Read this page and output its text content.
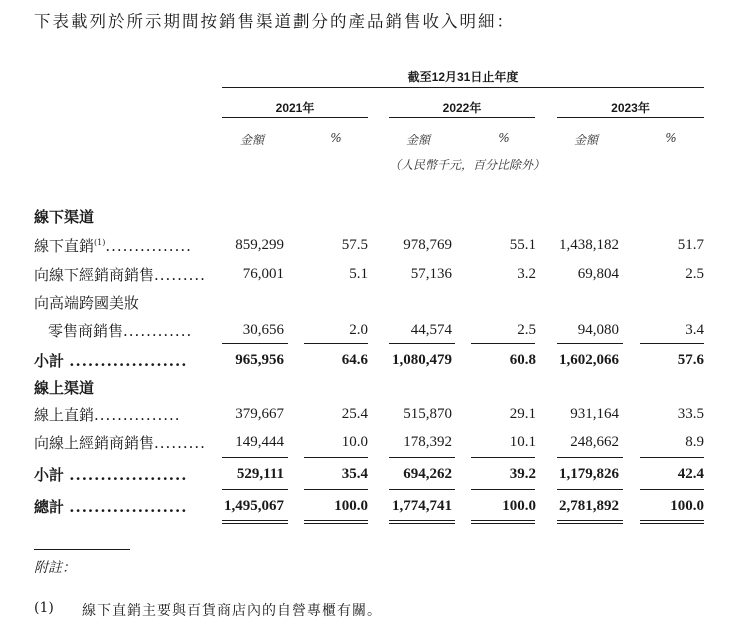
下表載列於所示期間按銷售渠道劃分的產品銷售收入明細：
截至12月31日止年度
2021年	2022年	2023年
金額	%	金額	%	金額	%
（人民幣千元，百分比除外）
線下渠道
線下直銷$^{(1)}$...............	859,299	57.5	978,769	55.1	1,438,182	51.7
向線下經銷商銷售.........	76,001	5.1	57,136	3.2	69,804	2.5
向高端跨國美妝
零售商銷售............	30,656	2.0	44,574	2.5	94,080	3.4
小計 ...................	965,956	64.6	1,080,479	60.8	1,602,066	57.6
線上渠道
線上直銷...............	379,667	25.4	515,870	29.1	931,164	33.5
向線上經銷商銷售.........	149,444	10.0	178,392	10.1	248,662	8.9
小計 ...................	529,111	35.4	694,262	39.2	1,179,826	42.4
總計 ...................	1,495,067	100.0	1,774,741	100.0	2,781,892	100.0
附註：
(1) 線下直銷主要與百貨商店內的自營專櫃有關。
